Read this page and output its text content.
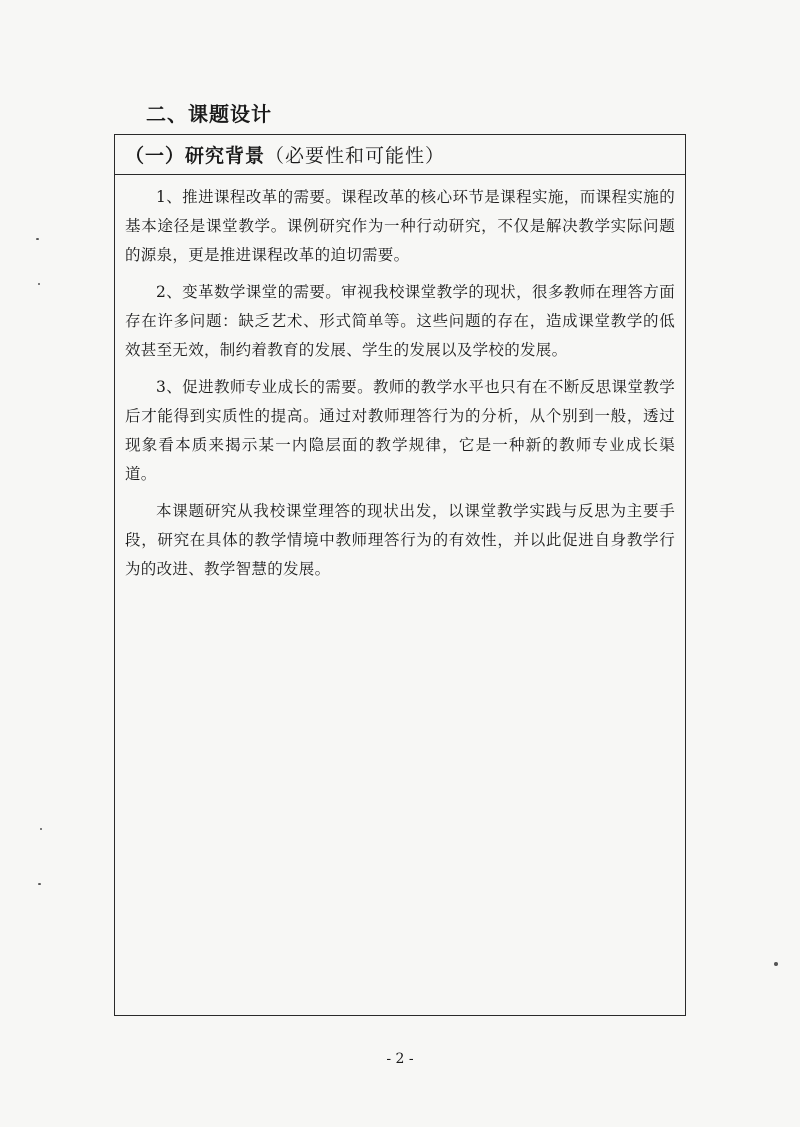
二、课题设计
（一）研究背景 （必要性和可能性）

1、推进课程改革的需要。课程改革的核心环节是课程实施，而课程实施的基本途径是课堂教学。课例研究作为一种行动研究，不仅是解决教学实际问题的源泉，更是推进课程改革的迫切需要。

2、变革数学课堂的需要。审视我校课堂教学的现状，很多教师在理答方面存在许多问题：缺乏艺术、形式简单等。这些问题的存在，造成课堂教学的低效甚至无效，制约着教育的发展、学生的发展以及学校的发展。

3、促进教师专业成长的需要。教师的教学水平也只有在不断反思课堂教学后才能得到实质性的提高。通过对教师理答行为的分析，从个别到一般，透过现象看本质来揭示某一内隐层面的教学规律，它是一种新的教师专业成长渠道。

本课题研究从我校课堂理答的现状出发，以课堂教学实践与反思为主要手段，研究在具体的教学情境中教师理答行为的有效性，并以此促进自身教学行为的改进、教学智慧的发展。

- 2 -
